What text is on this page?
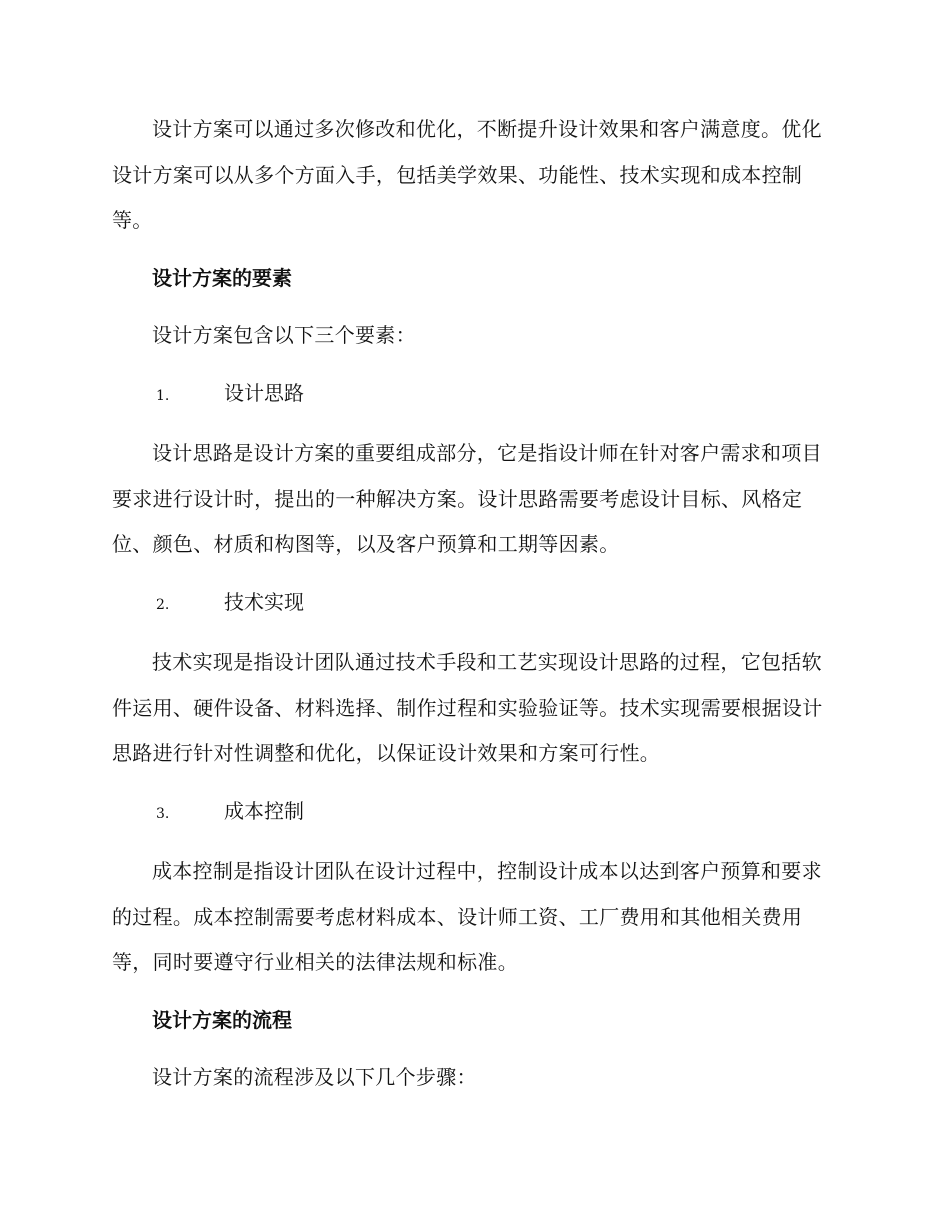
设计方案可以通过多次修改和优化，不断提升设计效果和客户满意度。优化设计方案可以从多个方面入手，包括美学效果、功能性、技术实现和成本控制等。

设计方案的要素

设计方案包含以下三个要素：

1.	设计思路

设计思路是设计方案的重要组成部分，它是指设计师在针对客户需求和项目要求进行设计时，提出的一种解决方案。设计思路需要考虑设计目标、风格定位、颜色、材质和构图等，以及客户预算和工期等因素。

2.	技术实现

技术实现是指设计团队通过技术手段和工艺实现设计思路的过程，它包括软件运用、硬件设备、材料选择、制作过程和实验验证等。技术实现需要根据设计思路进行针对性调整和优化，以保证设计效果和方案可行性。

3.	成本控制

成本控制是指设计团队在设计过程中，控制设计成本以达到客户预算和要求的过程。成本控制需要考虑材料成本、设计师工资、工厂费用和其他相关费用等，同时要遵守行业相关的法律法规和标准。

设计方案的流程

设计方案的流程涉及以下几个步骤：
